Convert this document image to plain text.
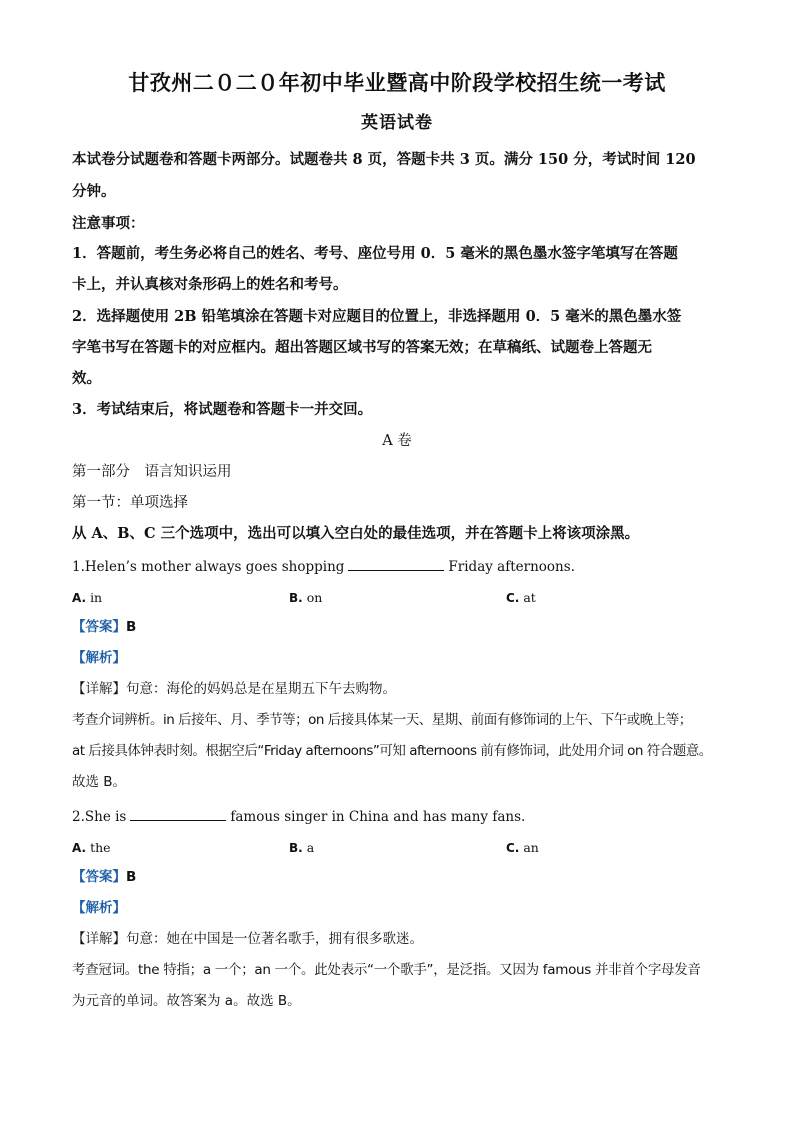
甘孜州二０二０年初中毕业暨高中阶段学校招生统一考试
英语试卷
本试卷分试题卷和答题卡两部分。试题卷共 8 页，答题卡共 3 页。满分 150 分，考试时间 120
分钟。
注意事项：
1．答题前，考生务必将自己的姓名、考号、座位号用 0．5 毫米的黑色墨水签字笔填写在答题
卡上，并认真核对条形码上的姓名和考号。
2．选择题使用 2B 铅笔填涂在答题卡对应题目的位置上，非选择题用 0．5 毫米的黑色墨水签
字笔书写在答题卡的对应框内。超出答题区域书写的答案无效；在草稿纸、试题卷上答题无
效。
3．考试结束后，将试题卷和答题卡一并交回。
A 卷
第一部分　语言知识运用
第一节：单项选择
从 A、B、C 三个选项中，选出可以填入空白处的最佳选项，并在答题卡上将该项涂黑。
1.Helen’s mother always goes shopping	Friday afternoons.
A. in	B. on	C. at
【答案】B
【解析】
【详解】句意：海伦的妈妈总是在星期五下午去购物。
考查介词辨析。in 后接年、月、季节等；on 后接具体某一天、星期、前面有修饰词的上午、下午或晚上等；
at 后接具体钟表时刻。根据空后“Friday afternoons”可知 afternoons 前有修饰词，此处用介词 on 符合题意。
故选 B。
2.She is	famous singer in China and has many fans.
A. the	B. a	C. an
【答案】B
【解析】
【详解】句意：她在中国是一位著名歌手，拥有很多歌迷。
考查冠词。the 特指；a 一个；an 一个。此处表示“一个歌手”，是泛指。又因为 famous 并非首个字母发音
为元音的单词。故答案为 a。故选 B。
